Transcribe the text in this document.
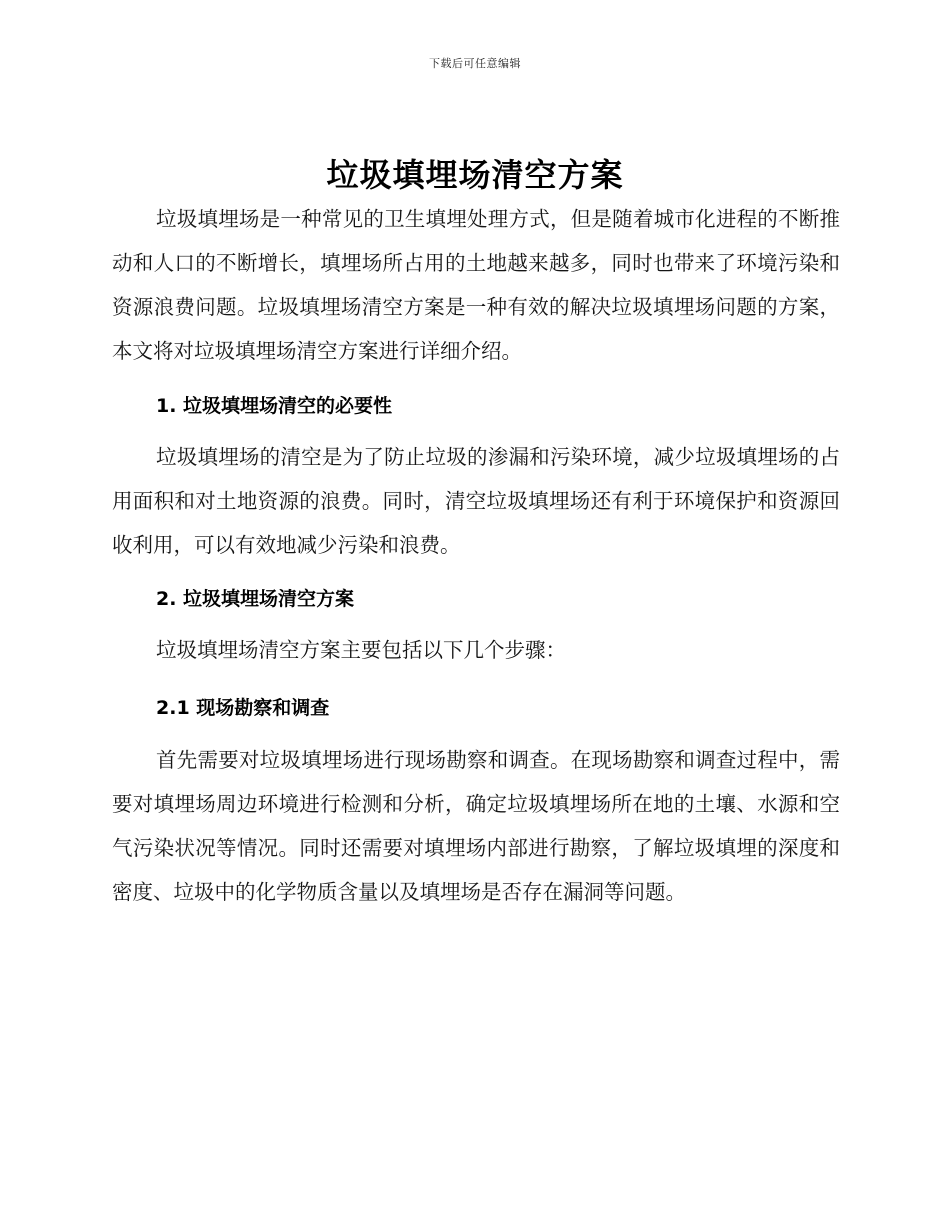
下载后可任意编辑
垃圾填埋场清空方案

垃圾填埋场是一种常见的卫生填埋处理方式，但是随着城市化进程的不断推动和人口的不断增长，填埋场所占用的土地越来越多，同时也带来了环境污染和资源浪费问题。垃圾填埋场清空方案是一种有效的解决垃圾填埋场问题的方案，本文将对垃圾填埋场清空方案进行详细介绍。

1. 垃圾填埋场清空的必要性

垃圾填埋场的清空是为了防止垃圾的渗漏和污染环境，减少垃圾填埋场的占用面积和对土地资源的浪费。同时，清空垃圾填埋场还有利于环境保护和资源回收利用，可以有效地减少污染和浪费。

2. 垃圾填埋场清空方案

垃圾填埋场清空方案主要包括以下几个步骤：

2.1 现场勘察和调查

首先需要对垃圾填埋场进行现场勘察和调查。在现场勘察和调查过程中，需要对填埋场周边环境进行检测和分析，确定垃圾填埋场所在地的土壤、水源和空气污染状况等情况。同时还需要对填埋场内部进行勘察，了解垃圾填埋的深度和密度、垃圾中的化学物质含量以及填埋场是否存在漏洞等问题。
